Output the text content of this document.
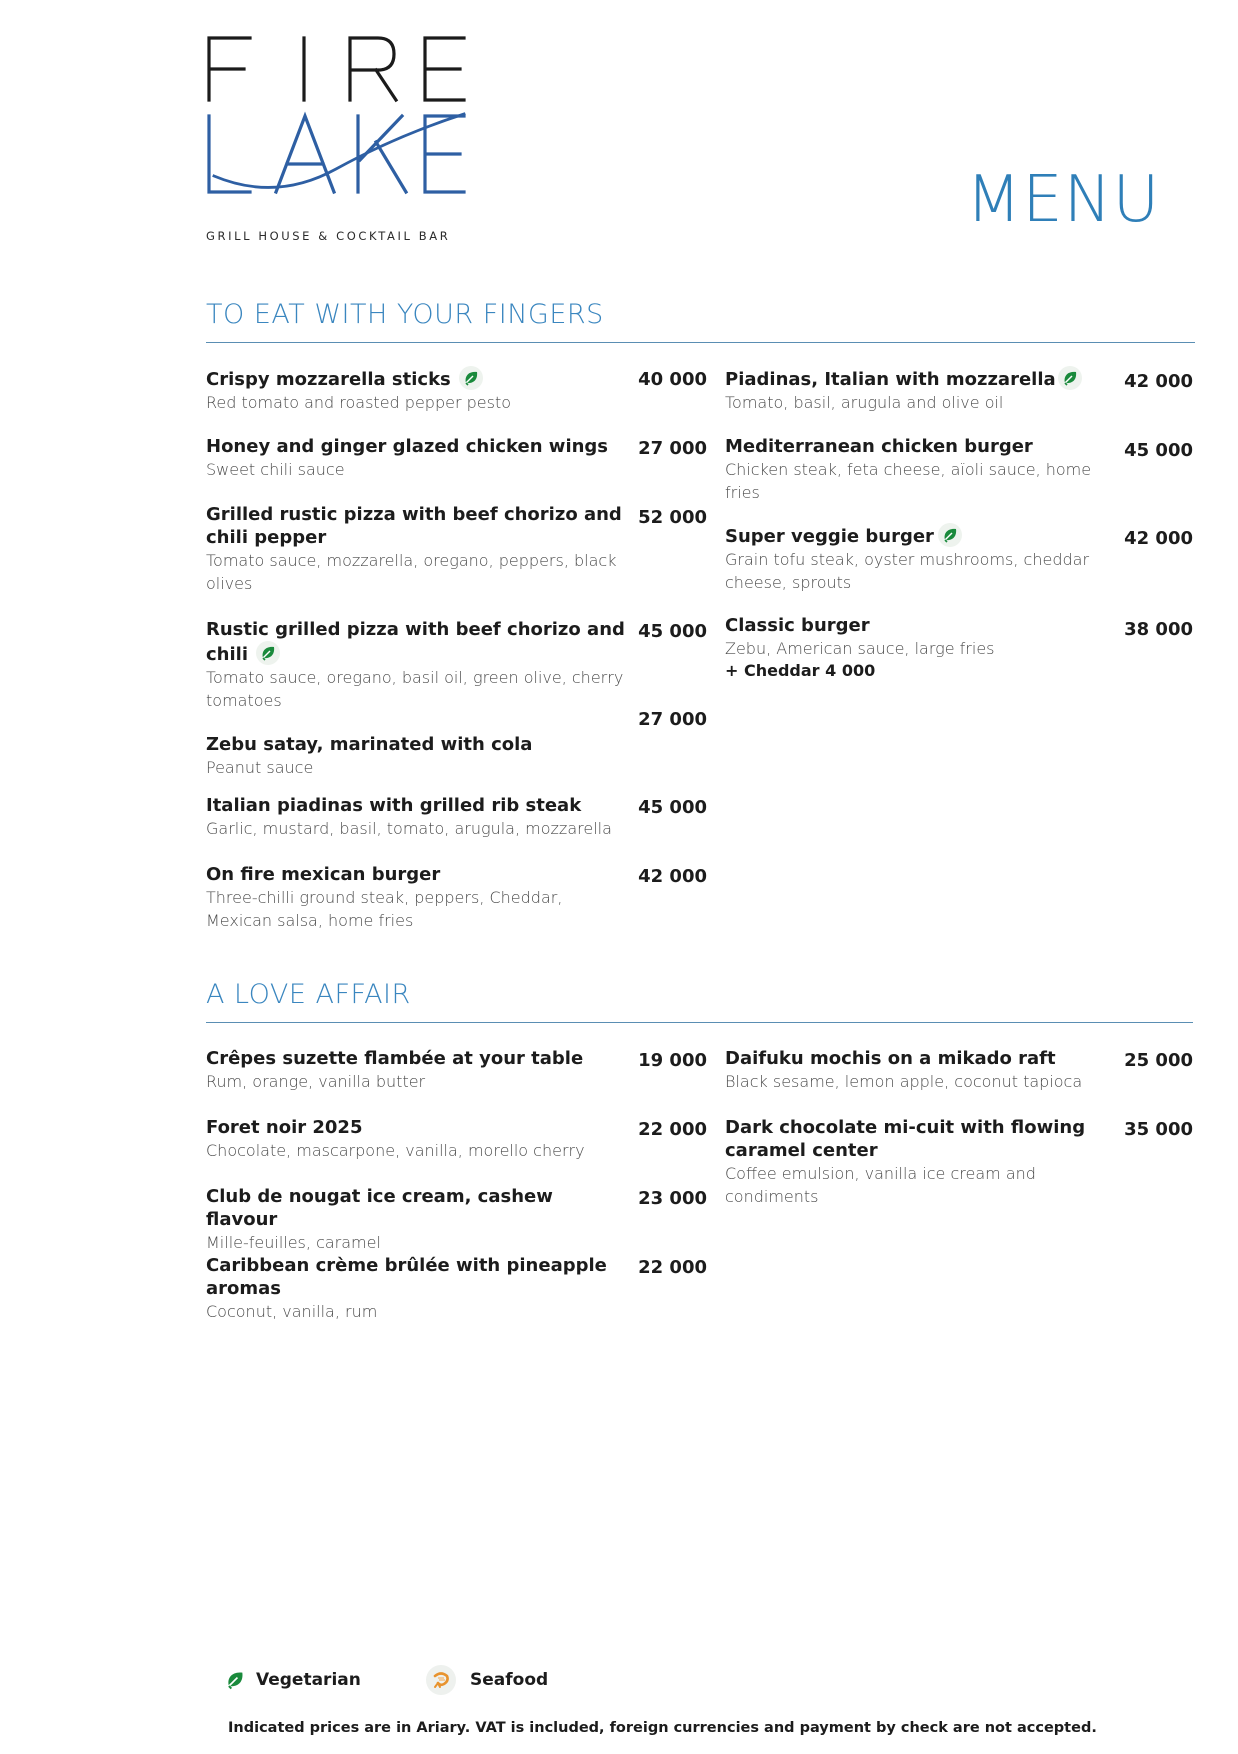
GRILL HOUSE & COCKTAIL BAR	MENU
TO EAT WITH YOUR FINGERS
Crispy mozzarella sticks
Red tomato and roasted pepper pesto
40 000
Honey and ginger glazed chicken wings
Sweet chili sauce
27 000
Grilled rustic pizza with beef chorizo and chili pepper
Tomato sauce, mozzarella, oregano, peppers, black olives
52 000
Rustic grilled pizza with beef chorizo and chili
Tomato sauce, oregano, basil oil, green olive, cherry tomatoes
45 000
Zebu satay, marinated with cola
Peanut sauce
27 000
Italian piadinas with grilled rib steak
Garlic, mustard, basil, tomato, arugula, mozzarella
45 000
On fire mexican burger
Three-chilli ground steak, peppers, Cheddar, Mexican salsa, home fries
42 000
Piadinas, Italian with mozzarella
Tomato, basil, arugula and olive oil
42 000
Mediterranean chicken burger
Chicken steak, feta cheese, aïoli sauce, home fries
45 000
Super veggie burger
Grain tofu steak, oyster mushrooms, cheddar cheese, sprouts
42 000
Classic burger
Zebu, American sauce, large fries
+ Cheddar 4 000
38 000
A LOVE AFFAIR
Crêpes suzette flambée at your table
Rum, orange, vanilla butter
19 000
Foret noir 2025
Chocolate, mascarpone, vanilla, morello cherry
22 000
Club de nougat ice cream, cashew flavour
Mille-feuilles, caramel
23 000
Caribbean crème brûlée with pineapple aromas
Coconut, vanilla, rum
22 000
Daifuku mochis on a mikado raft
Black sesame, lemon apple, coconut tapioca
25 000
Dark chocolate mi-cuit with flowing caramel center
Coffee emulsion, vanilla ice cream and condiments
35 000
Vegetarian	Seafood
Indicated prices are in Ariary. VAT is included, foreign currencies and payment by check are not accepted.
